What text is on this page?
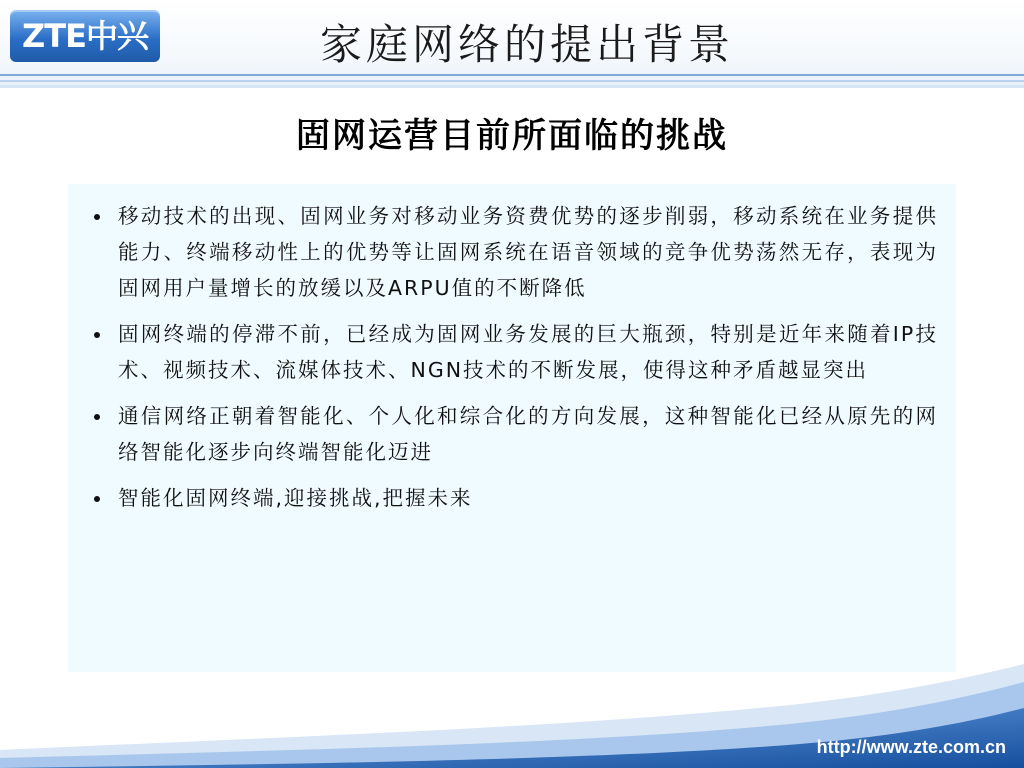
ZTE中兴	家庭网络的提出背景
固网运营目前所面临的挑战
移动技术的出现、固网业务对移动业务资费优势的逐步削弱，移动系统在业务提供能力、终端移动性上的优势等让固网系统在语音领域的竞争优势荡然无存，表现为固网用户量增长的放缓以及ARPU值的不断降低
固网终端的停滞不前，已经成为固网业务发展的巨大瓶颈，特别是近年来随着IP技术、视频技术、流媒体技术、NGN技术的不断发展，使得这种矛盾越显突出
通信网络正朝着智能化、个人化和综合化的方向发展，这种智能化已经从原先的网络智能化逐步向终端智能化迈进
智能化固网终端,迎接挑战,把握未来
http://www.zte.com.cn
